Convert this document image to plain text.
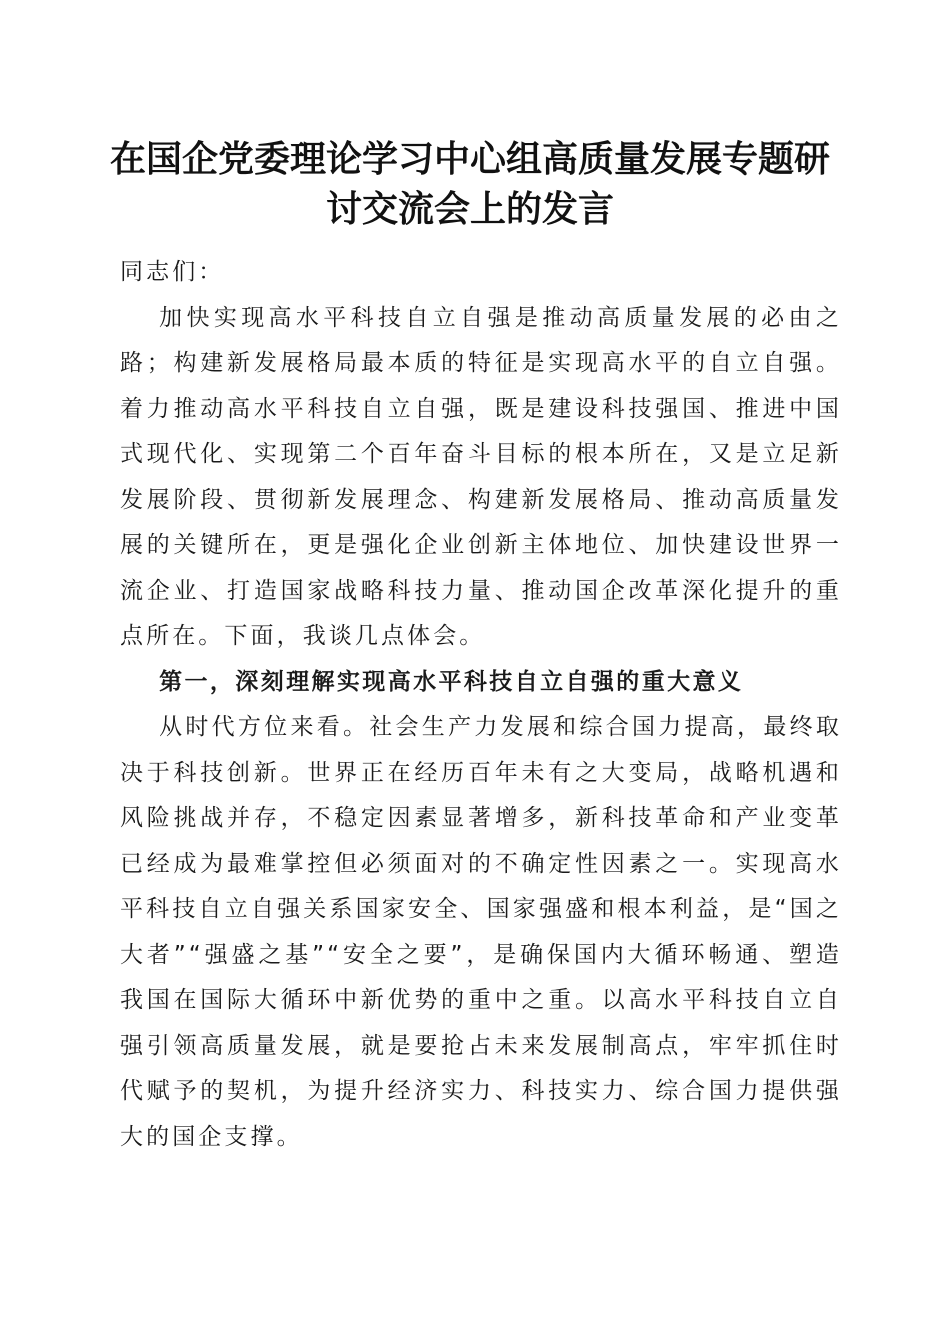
在国企党委理论学习中心组高质量发展专题研
讨交流会上的发言

同志们：

加快实现高水平科技自立自强是推动高质量发展的必由之路；构建新发展格局最本质的特征是实现高水平的自立自强。着力推动高水平科技自立自强，既是建设科技强国、推进中国式现代化、实现第二个百年奋斗目标的根本所在，又是立足新发展阶段、贯彻新发展理念、构建新发展格局、推动高质量发展的关键所在，更是强化企业创新主体地位、加快建设世界一流企业、打造国家战略科技力量、推动国企改革深化提升的重点所在。下面，我谈几点体会。

第一，深刻理解实现高水平科技自立自强的重大意义

从时代方位来看。社会生产力发展和综合国力提高，最终取决于科技创新。世界正在经历百年未有之大变局，战略机遇和风险挑战并存，不稳定因素显著增多，新科技革命和产业变革已经成为最难掌控但必须面对的不确定性因素之一。实现高水平科技自立自强关系国家安全、国家强盛和根本利益，是“国之大者”“强盛之基”“安全之要”，是确保国内大循环畅通、塑造我国在国际大循环中新优势的重中之重。以高水平科技自立自强引领高质量发展，就是要抢占未来发展制高点，牢牢抓住时代赋予的契机，为提升经济实力、科技实力、综合国力提供强大的国企支撑。
